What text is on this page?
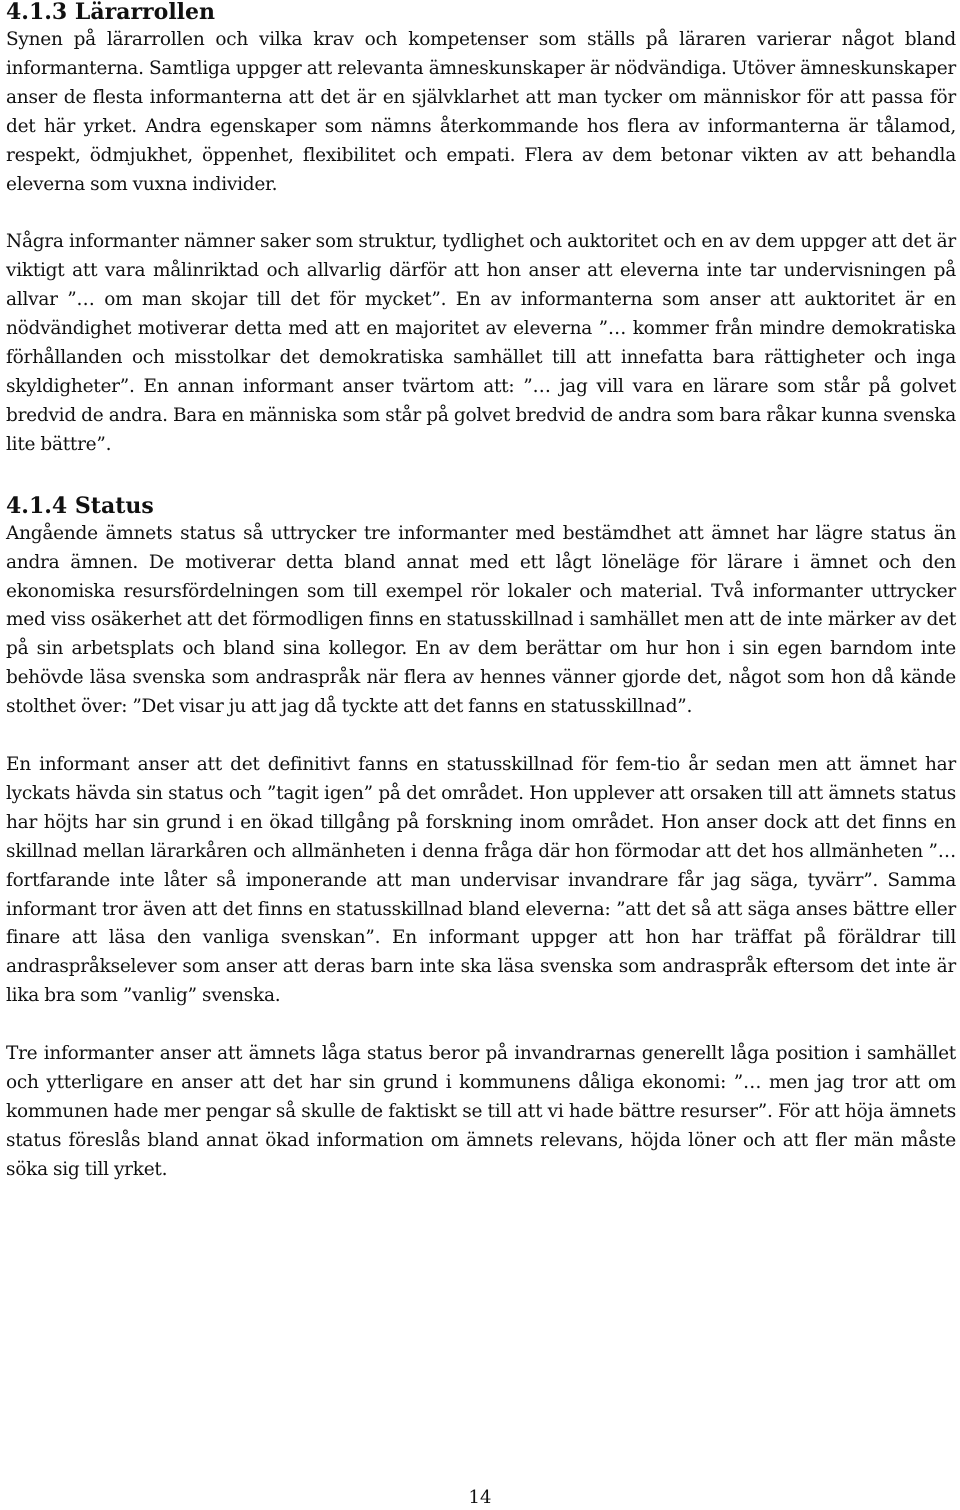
4.1.3 Lärarrollen

Synen på lärarrollen och vilka krav och kompetenser som ställs på läraren varierar något bland informanterna. Samtliga uppger att relevanta ämneskunskaper är nödvändiga. Utöver ämneskunskaper anser de flesta informanterna att det är en självklarhet att man tycker om människor för att passa för det här yrket. Andra egenskaper som nämns återkommande hos flera av informanterna är tålamod, respekt, ödmjukhet, öppenhet, flexibilitet och empati. Flera av dem betonar vikten av att behandla eleverna som vuxna individer.

Några informanter nämner saker som struktur, tydlighet och auktoritet och en av dem uppger att det är viktigt att vara målinriktad och allvarlig därför att hon anser att eleverna inte tar undervisningen på allvar ”… om man skojar till det för mycket”. En av informanterna som anser att auktoritet är en nödvändighet motiverar detta med att en majoritet av eleverna ”… kommer från mindre demokratiska förhållanden och misstolkar det demokratiska samhället till att innefatta bara rättigheter och inga skyldigheter”. En annan informant anser tvärtom att: ”… jag vill vara en lärare som står på golvet bredvid de andra. Bara en människa som står på golvet bredvid de andra som bara råkar kunna svenska lite bättre”.

4.1.4 Status

Angående ämnets status så uttrycker tre informanter med bestämdhet att ämnet har lägre status än andra ämnen. De motiverar detta bland annat med ett lågt löneläge för lärare i ämnet och den ekonomiska resursfördelningen som till exempel rör lokaler och material. Två informanter uttrycker med viss osäkerhet att det förmodligen finns en statusskillnad i samhället men att de inte märker av det på sin arbetsplats och bland sina kollegor. En av dem berättar om hur hon i sin egen barndom inte behövde läsa svenska som andraspråk när flera av hennes vänner gjorde det, något som hon då kände stolthet över: ”Det visar ju att jag då tyckte att det fanns en statusskillnad”.

En informant anser att det definitivt fanns en statusskillnad för fem-tio år sedan men att ämnet har lyckats hävda sin status och ”tagit igen” på det området. Hon upplever att orsaken till att ämnets status har höjts har sin grund i en ökad tillgång på forskning inom området. Hon anser dock att det finns en skillnad mellan lärarkåren och allmänheten i denna fråga där hon förmodar att det hos allmänheten ”… fortfarande inte låter så imponerande att man undervisar invandrare får jag säga, tyvärr”. Samma informant tror även att det finns en statusskillnad bland eleverna: ”att det så att säga anses bättre eller finare att läsa den vanliga svenskan”. En informant uppger att hon har träffat på föräldrar till andraspråkselever som anser att deras barn inte ska läsa svenska som andraspråk eftersom det inte är lika bra som ”vanlig” svenska.

Tre informanter anser att ämnets låga status beror på invandrarnas generellt låga position i samhället och ytterligare en anser att det har sin grund i kommunens dåliga ekonomi: ”… men jag tror att om kommunen hade mer pengar så skulle de faktiskt se till att vi hade bättre resurser”. För att höja ämnets status föreslås bland annat ökad information om ämnets relevans, höjda löner och att fler män måste söka sig till yrket.

14
